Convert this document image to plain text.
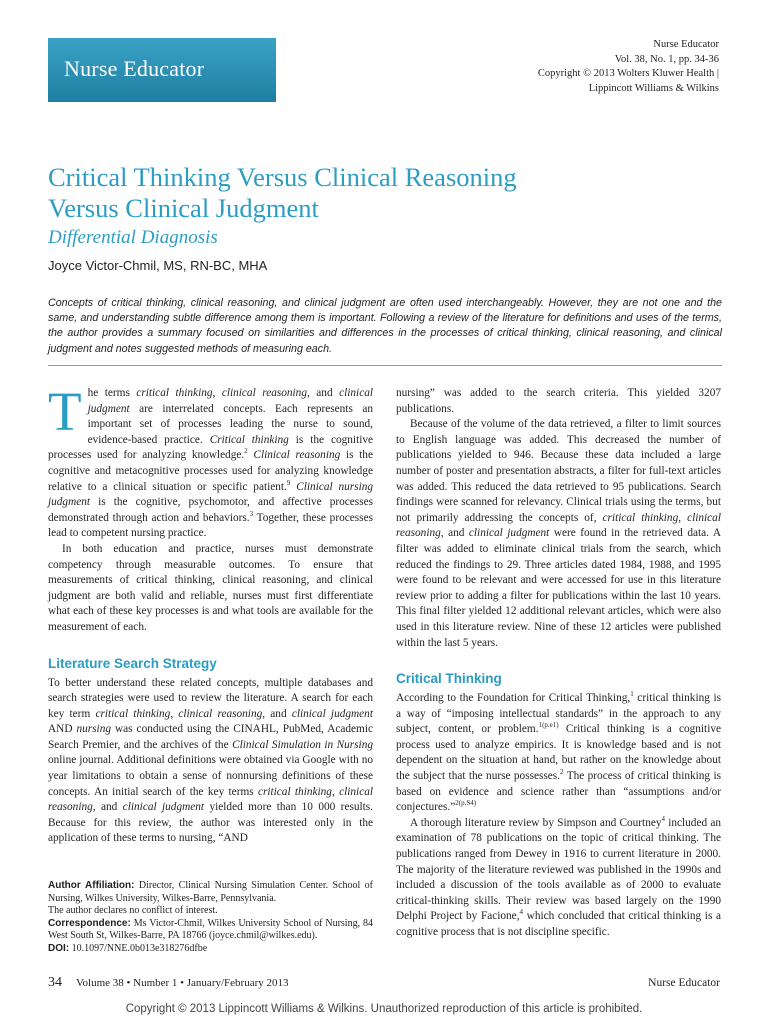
Nurse Educator
Nurse Educator
Vol. 38, No. 1, pp. 34-36
Copyright © 2013 Wolters Kluwer Health |
Lippincott Williams & Wilkins
Critical Thinking Versus Clinical Reasoning
Versus Clinical Judgment
Differential Diagnosis
Joyce Victor-Chmil, MS, RN-BC, MHA
Concepts of critical thinking, clinical reasoning, and clinical judgment are often used interchangeably. However, they are not one and the same, and understanding subtle difference among them is important. Following a review of the literature for definitions and uses of the terms, the author provides a summary focused on similarities and differences in the processes of critical thinking, clinical reasoning, and clinical judgment and notes suggested methods of measuring each.

The terms critical thinking, clinical reasoning, and clinical judgment are interrelated concepts. Each represents an important set of processes leading the nurse to sound, evidence-based practice. Critical thinking is the cognitive processes used for analyzing knowledge.$^2$ Clinical reasoning is the cognitive and metacognitive processes used for analyzing knowledge relative to a clinical situation or specific patient.$^9$ Clinical nursing judgment is the cognitive, psychomotor, and affective processes demonstrated through action and behaviors.$^3$ Together, these processes lead to competent nursing practice.

In both education and practice, nurses must demonstrate competency through measurable outcomes. To ensure that measurements of critical thinking, clinical reasoning, and clinical judgment are both valid and reliable, nurses must first differentiate what each of these key processes is and what tools are available for the measurement of each.

Literature Search Strategy

To better understand these related concepts, multiple databases and search strategies were used to review the literature. A search for each key term critical thinking, clinical reasoning, and clinical judgment AND nursing was conducted using the CINAHL, PubMed, Academic Search Premier, and the archives of the Clinical Simulation in Nursing online journal. Additional definitions were obtained via Google with no year limitations to obtain a sense of nonnursing definitions of these concepts. An initial search of the key terms critical thinking, clinical reasoning, and clinical judgment yielded more than 10 000 results. Because for this review, the author was interested only in the application of these terms to nursing, “AND

Author Affiliation: Director, Clinical Nursing Simulation Center. School of Nursing, Wilkes University, Wilkes-Barre, Pennsylvania.
The author declares no conflict of interest.
Correspondence: Ms Victor-Chmil, Wilkes University School of Nursing, 84 West South St, Wilkes-Barre, PA 18766 (joyce.chmil@wilkes.edu).
DOI: 10.1097/NNE.0b013e318276dfbe

nursing” was added to the search criteria. This yielded 3207 publications.

Because of the volume of the data retrieved, a filter to limit sources to English language was added. This decreased the number of publications yielded to 946. Because these data included a large number of poster and presentation abstracts, a filter for full-text articles was added. This reduced the data retrieved to 95 publications. Search findings were scanned for relevancy. Clinical trials using the terms, but not primarily addressing the concepts of, critical thinking, clinical reasoning, and clinical judgment were found in the retrieved data. A filter was added to eliminate clinical trials from the search, which reduced the findings to 29. Three articles dated 1984, 1988, and 1995 were found to be relevant and were accessed for use in this literature review prior to adding a filter for publications within the last 10 years. This final filter yielded 12 additional relevant articles, which were also used in this literature review. Nine of these 12 articles were published within the last 5 years.

Critical Thinking

According to the Foundation for Critical Thinking,$^1$ critical thinking is a way of “imposing intellectual standards” in the approach to any subject, content, or problem.$^{1(p.e1)}$ Critical thinking is a cognitive process used to analyze empirics. It is knowledge based and is not dependent on the situation at hand, but rather on the knowledge about the subject that the nurse possesses.$^2$ The process of critical thinking is based on evidence and science rather than “assumptions and/or conjectures.”$^{2(p.S4)}$

A thorough literature review by Simpson and Courtney$^4$ included an examination of 78 publications on the topic of critical thinking. The publications ranged from Dewey in 1916 to current literature in 2000. The majority of the literature reviewed was published in the 1990s and included a discussion of the tools available as of 2000 to evaluate critical-thinking skills. Their review was based largely on the 1990 Delphi Project by Facione,$^4$ which concluded that critical thinking is a cognitive process that is not discipline specific.

34 Volume 38 • Number 1 • January/February 2013	Nurse Educator
Copyright © 2013 Lippincott Williams & Wilkins. Unauthorized reproduction of this article is prohibited.
